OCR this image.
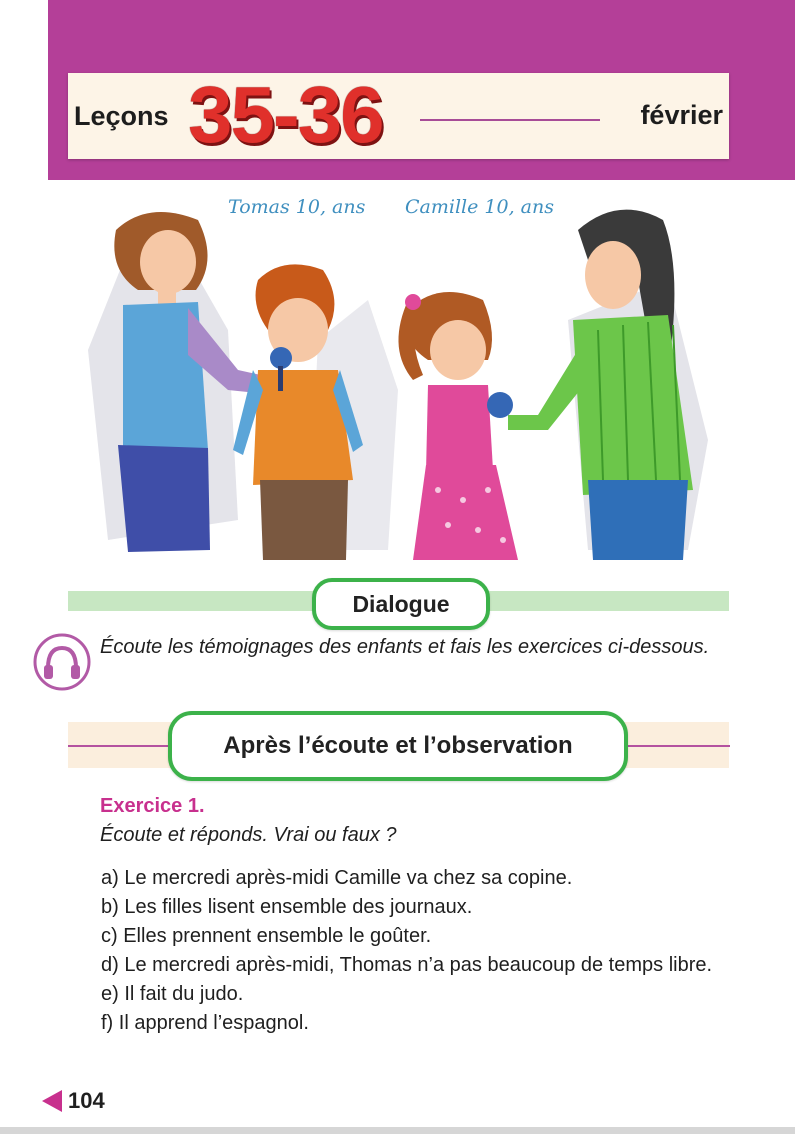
Leçons 35-36	février
Tomas 10, ans Camille 10, ans
Dialogue
Écoute les témoignages des enfants et fais les exercices ci-dessous.
Après l’écoute et l’observation
Exercice 1.
Écoute et réponds. Vrai ou faux ?
a) Le mercredi après-midi Camille va chez sa copine.
b) Les filles lisent ensemble des journaux.
c) Elles prennent ensemble le goûter.
d) Le mercredi après-midi, Thomas n’a pas beaucoup de temps libre.
e) Il fait du judo.
f) Il apprend l’espagnol.
104
